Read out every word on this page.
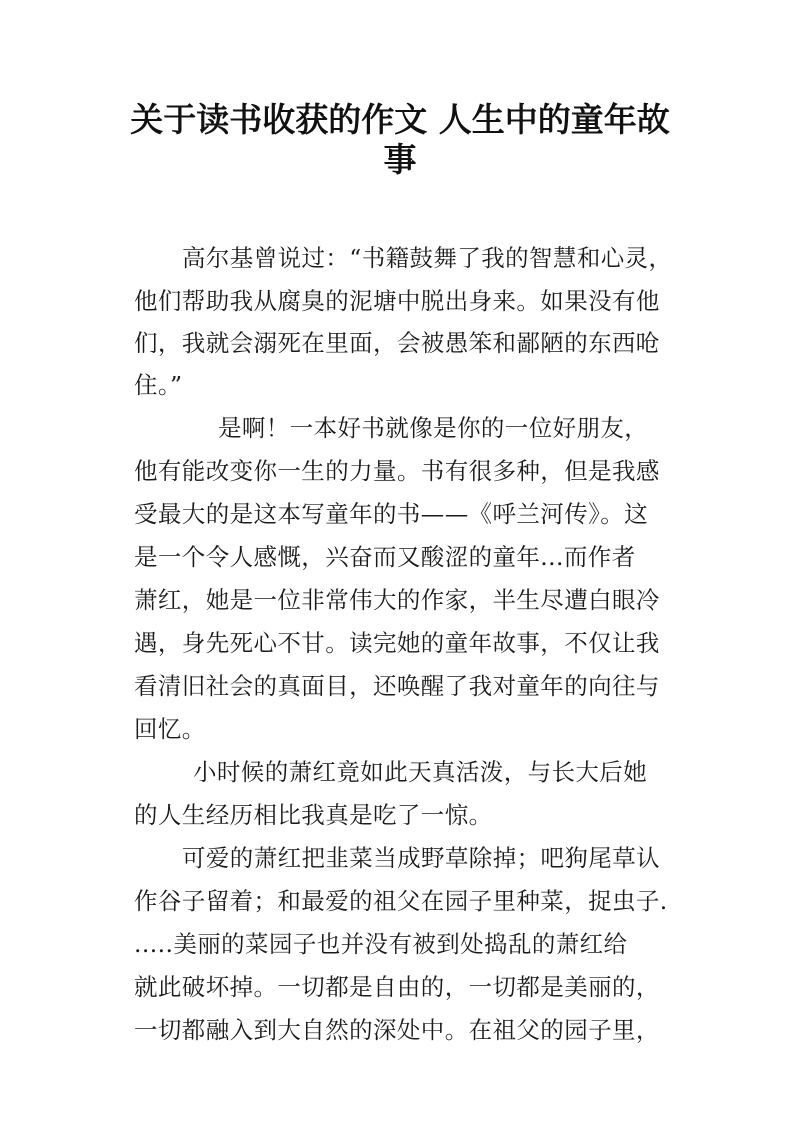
关于读书收获的作文 人生中的童年故
事
高尔基曾说过：“书籍鼓舞了我的智慧和心灵，
他们帮助我从腐臭的泥塘中脱出身来。如果没有他
们，我就会溺死在里面，会被愚笨和鄙陋的东西呛
住。”
是啊！一本好书就像是你的一位好朋友，
他有能改变你一生的力量。书有很多种，但是我感
受最大的是这本写童年的书——《呼兰河传》。这
是一个令人感慨，兴奋而又酸涩的童年...而作者
萧红，她是一位非常伟大的作家，半生尽遭白眼冷
遇，身先死心不甘。读完她的童年故事，不仅让我
看清旧社会的真面目，还唤醒了我对童年的向往与
回忆。
小时候的萧红竟如此天真活泼，与长大后她
的人生经历相比我真是吃了一惊。
可爱的萧红把韭菜当成野草除掉；吧狗尾草认
作谷子留着；和最爱的祖父在园子里种菜，捉虫子.
.....美丽的菜园子也并没有被到处捣乱的萧红给
就此破坏掉。一切都是自由的，一切都是美丽的，
一切都融入到大自然的深处中。在祖父的园子里，
